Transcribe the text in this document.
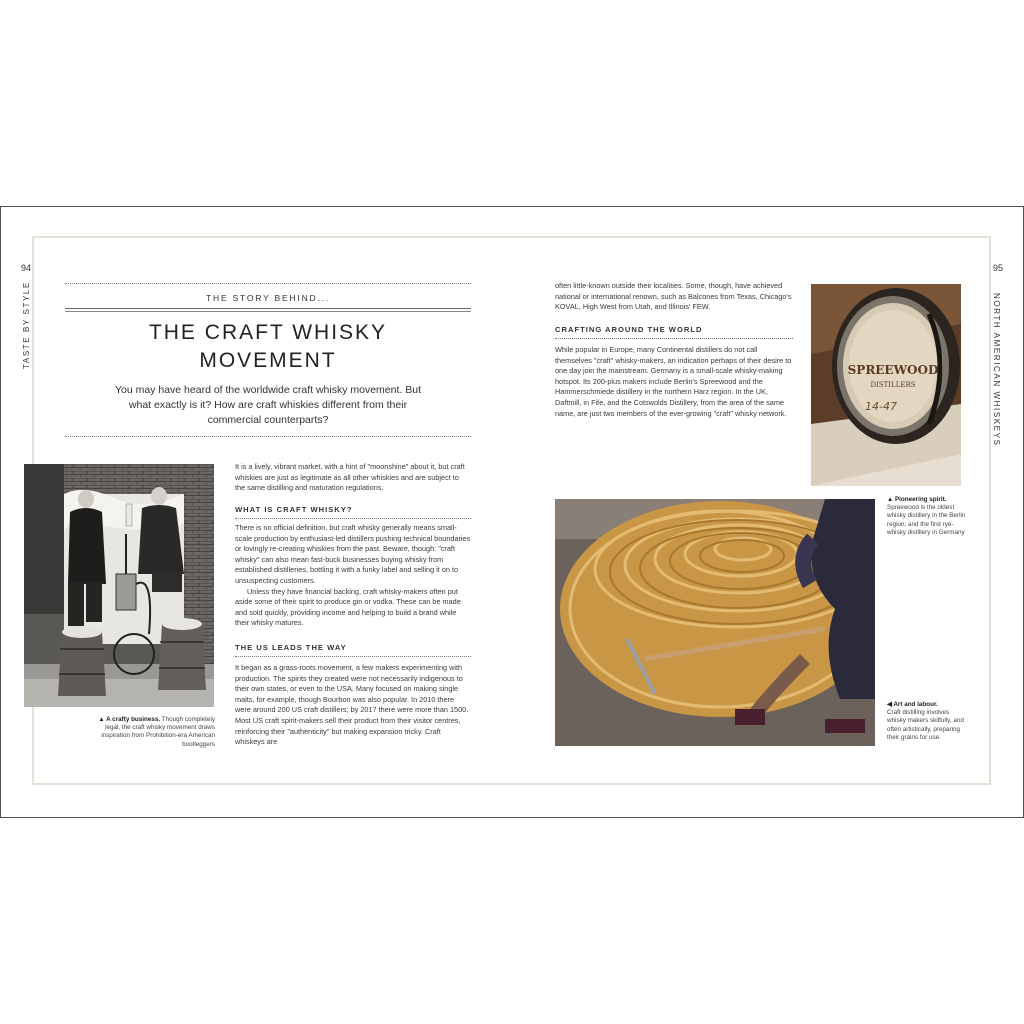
94
TASTE BY STYLE	THE STORY BEHIND...
THE CRAFT WHISKY
MOVEMENT
You may have heard of the worldwide craft whisky movement. But what exactly is it? How are craft whiskies different from their commercial counterparts?
▲ A crafty business. Though completely legal, the craft whisky movement draws inspiration from Prohibition-era American bootleggers
It is a lively, vibrant market, with a hint of "moonshine" about it, but craft whiskies are just as legitimate as all other whiskies and are subject to the same distilling and maturation regulations.
WHAT IS CRAFT WHISKY?

There is no official definition, but craft whisky generally means small-scale production by enthusiast-led distillers pushing technical boundaries or lovingly re-creating whiskies from the past. Beware, though: "craft whisky" can also mean fast-buck businesses buying whisky from established distilleries, bottling it with a funky label and selling it on to unsuspecting customers.

Unless they have financial backing, craft whisky-makers often put aside some of their spirit to produce gin or vodka. These can be made and sold quickly, providing income and helping to build a brand while their whisky matures.

THE US LEADS THE WAY
It began as a grass-roots movement, a few makers experimenting with production. The spirits they created were not necessarily indigenous to their own states, or even to the USA. Many focused on making single malts, for example, though Bourbon was also popular. In 2010 there were around 200 US craft distillers; by 2017 there were more than 1500. Most US craft spirit-makers sell their product from their visitor centres, reinforcing their "authenticity" but making expansion tricky. Craft whiskeys are
95
NORTH AMERICAN WHISKEYS
often little-known outside their localities. Some, though, have achieved national or international renown, such as Balcones from Texas, Chicago's KOVAL, High West from Utah, and Illinois' FEW.
CRAFTING AROUND THE WORLD
While popular in Europe, many Continental distillers do not call themselves "craft" whisky-makers, an indication perhaps of their desire to one day join the mainstream. Germany is a small-scale whisky-making hotspot. Its 200-plus makers include Berlin's Spreewood and the Hammerschmiede distillery in the northern Harz region. In the UK, Daftmill, in Fife, and the Cotswolds Distillery, from the area of the same name, are just two members of the ever-growing "craft" whisky network.
SPREEWOOD
DISTILLERS
14-47
▲ Pioneering spirit.
Spreewood is the oldest whisky distillery in the Berlin region, and the first rye-whisky distillery in Germany
◀ Art and labour.
Craft distilling involves whisky makers skilfully, and often artistically, preparing their grains for use.
